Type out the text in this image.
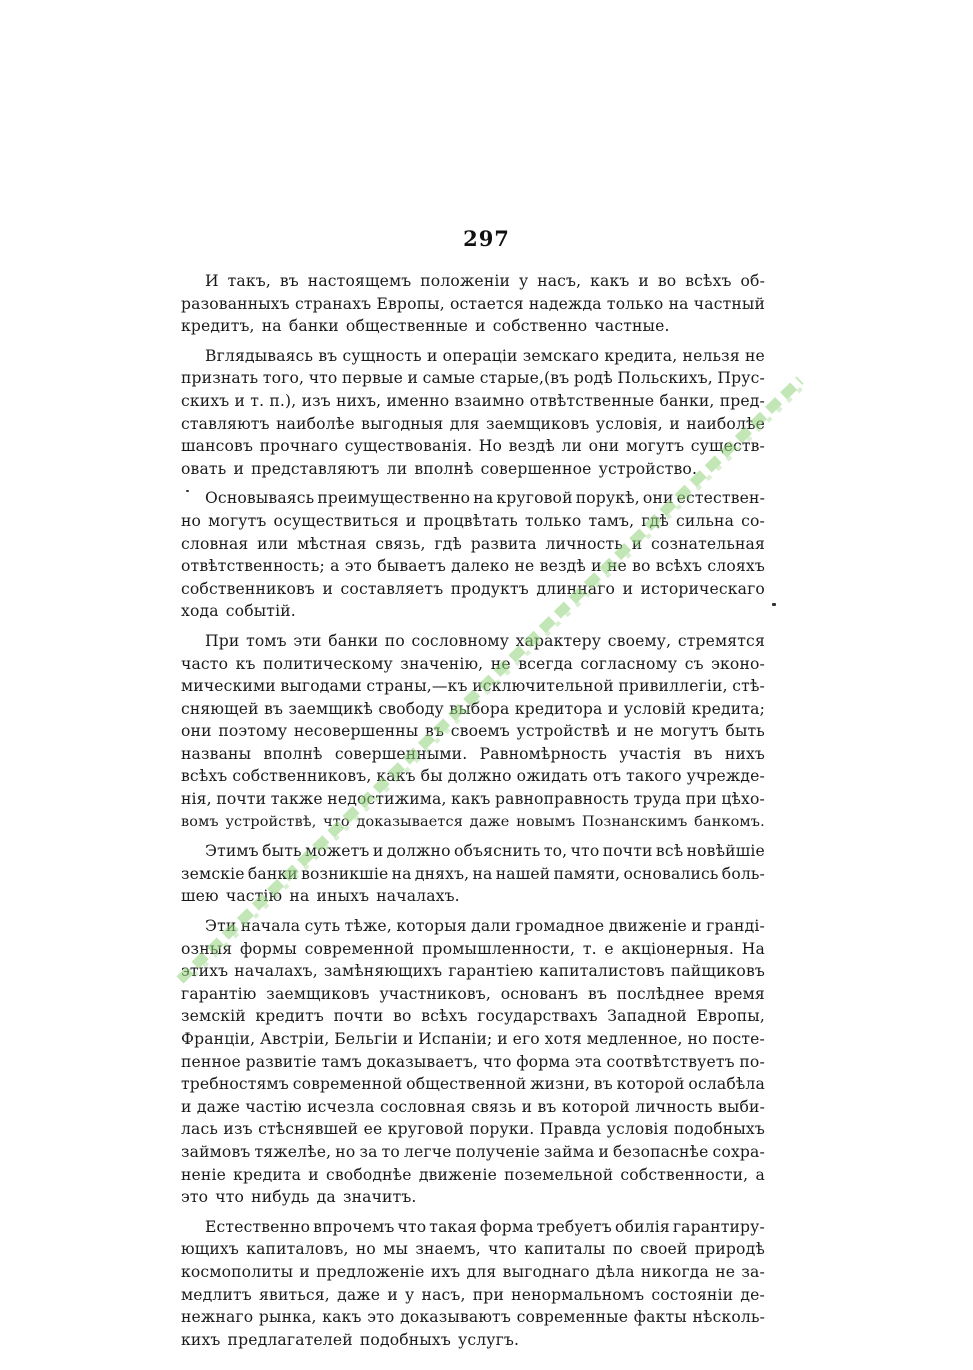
297
И такъ, въ настоящемъ положеніи у насъ, какъ и во всѣхъ об-
разованныхъ странахъ Европы, остается надежда только на частный
кредитъ, на банки общественные и собственно частные.
Вглядываясь въ сущность и операціи земскаго кредита, нельзя не
признать того, что первые и самые старые,(въ родѣ Польскихъ, Прус-
скихъ и т. п.), изъ нихъ, именно взаимно отвѣтственные банки, пред-
ставляютъ наиболѣе выгодныя для заемщиковъ условія, и наиболѣе
шансовъ прочнаго существованія. Но вездѣ ли они могутъ существ-
овать и представляютъ ли вполнѣ совершенное устройство.
Основываясь преимущественно на круговой порукѣ, они естествен-
но могутъ осуществиться и процвѣтать только тамъ, гдѣ сильна со-
словная или мѣстная связь, гдѣ развита личность и сознательная
отвѣтственность; а это бываетъ далеко не вездѣ и не во всѣхъ слояхъ
собственниковъ и составляетъ продуктъ длиннаго и историческаго
хода событій.
При томъ эти банки по сословному характеру своему, стремятся
часто къ политическому значенію, не всегда согласному съ эконо-
мическими выгодами страны,—къ исключительной привиллегіи, стѣ-
сняющей въ заемщикѣ свободу выбора кредитора и условій кредита;
они поэтому несовершенны въ своемъ устройствѣ и не могутъ быть
названы вполнѣ совершенными. Равномѣрность участія въ нихъ
всѣхъ собственниковъ, какъ бы должно ожидать отъ такого учрежде-
нія, почти также недостижима, какъ равноправность труда при цѣхо-
вомъ устройствѣ, что доказывается даже новымъ Познанскимъ банкомъ.
Этимъ быть можетъ и должно объяснить то, что почти всѣ новѣйшіе
земскіе банки возникшіе на дняхъ, на нашей памяти, основались боль-
шею частію на иныхъ началахъ.
Эти начала суть тѣже, которыя дали громадное движеніе и гранді-
озныя формы современной промышленности, т. е акціонерныя. На
этихъ началахъ, замѣняющихъ гарантіею капиталистовъ пайщиковъ
гарантію заемщиковъ участниковъ, основанъ въ послѣднее время
земскій кредитъ почти во всѣхъ государствахъ Западной Европы,
Франціи, Австріи, Бельгіи и Испаніи; и его хотя медленное, но посте-
пенное развитіе тамъ доказываетъ, что форма эта соотвѣтствуетъ по-
требностямъ современной общественной жизни, въ которой ослабѣла
и даже частію исчезла сословная связь и въ которой личность выби-
лась изъ стѣснявшей ее круговой поруки. Правда условія подобныхъ
займовъ тяжелѣе, но за то легче полученіе займа и безопаснѣе сохра-
неніе кредита и свободнѣе движеніе поземельной собственности, а
это что нибудь да значитъ.
Естественно впрочемъ что такая форма требуетъ обилія гарантиру-
ющихъ капиталовъ, но мы знаемъ, что капиталы по своей природѣ
космополиты и предложеніе ихъ для выгоднаго дѣла никогда не за-
медлитъ явиться, даже и у насъ, при ненормальномъ состояніи де-
нежнаго рынка, какъ это доказываютъ современные факты нѣсколь-
кихъ предлагателей подобныхъ услугъ.
